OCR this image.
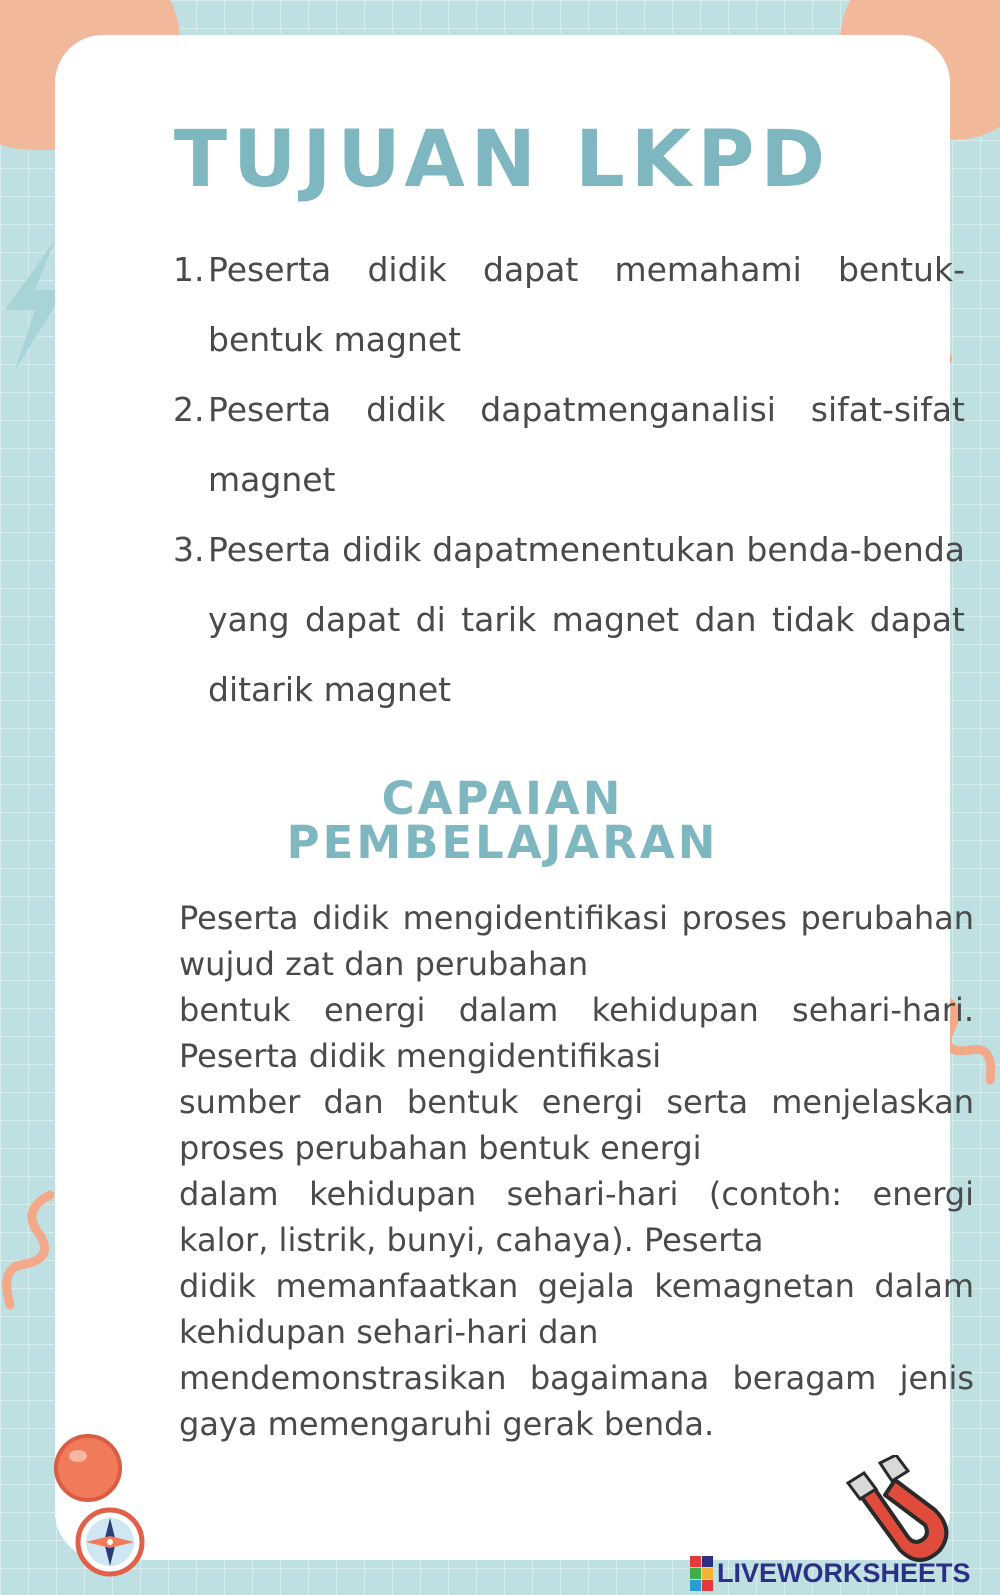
TUJUAN LKPD
1. Peserta didik dapat memahami bentuk-bentuk magnet
2. Peserta didik dapatmenganalisi sifat-sifat magnet
3. Peserta didik dapatmenentukan benda-benda yang dapat di tarik magnet dan tidak dapat ditarik magnet
CAPAIAN
PEMBELAJARAN

Peserta didik mengidentifikasi proses perubahan wujud zat dan perubahan

bentuk energi dalam kehidupan sehari-hari. Peserta didik mengidentifikasi

sumber dan bentuk energi serta menjelaskan proses perubahan bentuk energi

dalam kehidupan sehari-hari (contoh: energi kalor, listrik, bunyi, cahaya). Peserta

didik memanfaatkan gejala kemagnetan dalam kehidupan sehari-hari dan

mendemonstrasikan bagaimana beragam jenis gaya memengaruhi gerak benda.

LIVEWORKSHEETS
